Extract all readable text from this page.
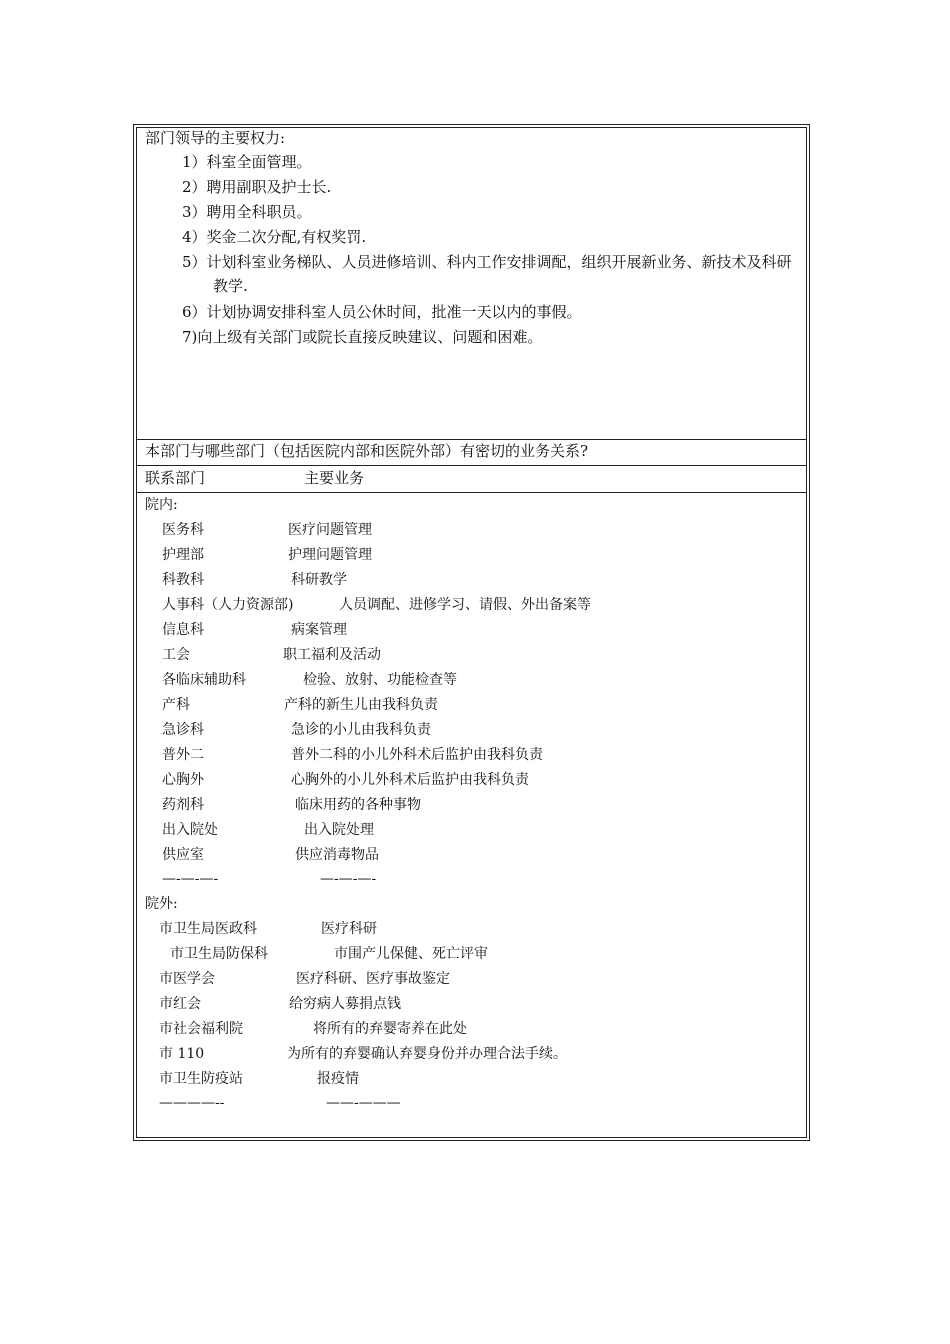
部门领导的主要权力:
1）科室全面管理。
2）聘用副职及护士长.
3）聘用全科职员。
4）奖金二次分配,有权奖罚.
5）计划科室业务梯队、人员进修培训、科内工作安排调配，组织开展新业务、新技术及科研教学.
6）计划协调安排科室人员公休时间，批准一天以内的事假。
7)向上级有关部门或院长直接反映建议、问题和困难。
本部门与哪些部门（包括医院内部和医院外部）有密切的业务关系?
联系部门	主要业务
院内:
医务科	医疗问题管理
护理部	护理问题管理
科教科	科研教学
人事科（人力资源部)	人员调配、进修学习、请假、外出备案等
信息科	病案管理
工会	职工福利及活动
各临床辅助科	检验、放射、功能检查等
产科	产科的新生儿由我科负责
急诊科	急诊的小儿由我科负责
普外二	普外二科的小儿外科术后监护由我科负责
心胸外	心胸外的小儿外科术后监护由我科负责
药剂科	临床用药的各种事物
出入院处	出入院处理
供应室	供应消毒物品
—-—-—-	—-—-—-
院外:
市卫生局医政科	医疗科研
市卫生局防保科	市围产儿保健、死亡评审
市医学会	医疗科研、医疗事故鉴定
市红会	给穷病人募捐点钱
市社会福利院	将所有的弃婴寄养在此处
市 110	为所有的弃婴确认弃婴身份并办理合法手续。
市卫生防疫站	报疫情
————--	——-———
